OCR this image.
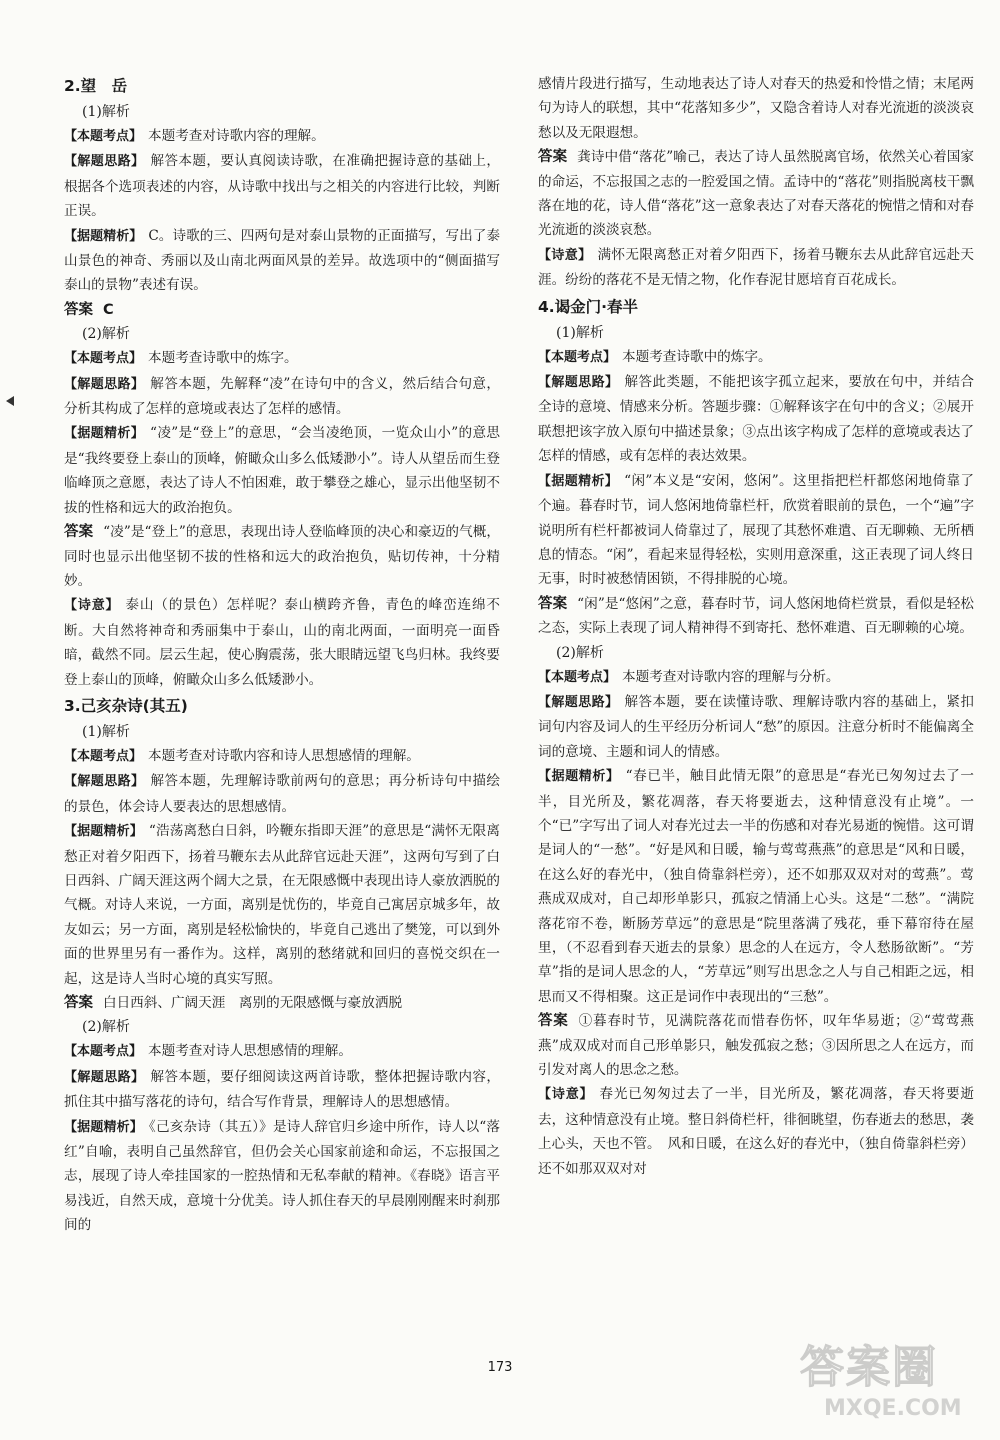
2.望　岳
(1)解析

【本题考点】 本题考查对诗歌内容的理解。

【解题思路】 解答本题，要认真阅读诗歌，在准确把握诗意的基础上，根据各个选项表述的内容，从诗歌中找出与之相关的内容进行比较，判断正误。

【据题精析】 C。诗歌的三、四两句是对泰山景物的正面描写，写出了泰山景色的神奇、秀丽以及山南北两面风景的差异。故选项中的“侧面描写泰山的景物”表述有误。

答案 C

(2)解析

【本题考点】 本题考查诗歌中的炼字。

【解题思路】 解答本题，先解释“凌”在诗句中的含义，然后结合句意，分析其构成了怎样的意境或表达了怎样的感情。

【据题精析】 “凌”是“登上”的意思，“会当凌绝顶，一览众山小”的意思是“我终要登上泰山的顶峰，俯瞰众山多么低矮渺小”。诗人从望岳而生登临峰顶之意愿，表达了诗人不怕困难，敢于攀登之雄心，显示出他坚韧不拔的性格和远大的政治抱负。

答案 “凌”是“登上”的意思，表现出诗人登临峰顶的决心和豪迈的气概，同时也显示出他坚韧不拔的性格和远大的政治抱负，贴切传神，十分精妙。

【诗意】 泰山（的景色）怎样呢？泰山横跨齐鲁，青色的峰峦连绵不断。大自然将神奇和秀丽集中于泰山，山的南北两面，一面明亮一面昏暗，截然不同。层云生起，使心胸震荡，张大眼睛远望飞鸟归林。我终要登上泰山的顶峰，俯瞰众山多么低矮渺小。

3.己亥杂诗(其五)
(1)解析

【本题考点】 本题考查对诗歌内容和诗人思想感情的理解。

【解题思路】 解答本题，先理解诗歌前两句的意思；再分析诗句中描绘的景色，体会诗人要表达的思想感情。

【据题精析】 “浩荡离愁白日斜，吟鞭东指即天涯”的意思是“满怀无限离愁正对着夕阳西下，扬着马鞭东去从此辞官远赴天涯”，这两句写到了白日西斜、广阔天涯这两个阔大之景，在无限感慨中表现出诗人豪放洒脱的气概。对诗人来说，一方面，离别是忧伤的，毕竟自己寓居京城多年，故友如云；另一方面，离别是轻松愉快的，毕竟自己逃出了樊笼，可以到外面的世界里另有一番作为。这样，离别的愁绪就和回归的喜悦交织在一起，这是诗人当时心境的真实写照。

答案 白日西斜、广阔天涯　离别的无限感慨与豪放洒脱

(2)解析

【本题考点】 本题考查对诗人思想感情的理解。

【解题思路】 解答本题，要仔细阅读这两首诗歌，整体把握诗歌内容，抓住其中描写落花的诗句，结合写作背景，理解诗人的思想感情。

【据题精析】 《己亥杂诗（其五）》是诗人辞官归乡途中所作，诗人以“落红”自喻，表明自己虽然辞官，但仍会关心国家前途和命运，不忘报国之志，展现了诗人牵挂国家的一腔热情和无私奉献的精神。《春晓》语言平易浅近，自然天成，意境十分优美。诗人抓住春天的早晨刚刚醒来时刹那间的

感情片段进行描写，生动地表达了诗人对春天的热爱和怜惜之情；末尾两句为诗人的联想，其中“花落知多少”，又隐含着诗人对春光流逝的淡淡哀愁以及无限遐想。

答案 龚诗中借“落花”喻己，表达了诗人虽然脱离官场，依然关心着国家的命运，不忘报国之志的一腔爱国之情。孟诗中的“落花”则指脱离枝干飘落在地的花，诗人借“落花”这一意象表达了对春天落花的惋惜之情和对春光流逝的淡淡哀愁。

【诗意】 满怀无限离愁正对着夕阳西下，扬着马鞭东去从此辞官远赴天涯。纷纷的落花不是无情之物，化作春泥甘愿培育百花成长。

4.谒金门·春半
(1)解析

【本题考点】 本题考查诗歌中的炼字。

【解题思路】 解答此类题，不能把该字孤立起来，要放在句中，并结合全诗的意境、情感来分析。答题步骤：①解释该字在句中的含义；②展开联想把该字放入原句中描述景象；③点出该字构成了怎样的意境或表达了怎样的情感，或有怎样的表达效果。

【据题精析】 “闲”本义是“安闲，悠闲”。这里指把栏杆都悠闲地倚靠了个遍。暮春时节，词人悠闲地倚靠栏杆，欣赏着眼前的景色，一个“遍”字说明所有栏杆都被词人倚靠过了，展现了其愁怀难遣、百无聊赖、无所栖息的情态。“闲”，看起来显得轻松，实则用意深重，这正表现了词人终日无事，时时被愁情困锁，不得排脱的心境。

答案 “闲”是“悠闲”之意，暮春时节，词人悠闲地倚栏赏景，看似是轻松之态，实际上表现了词人精神得不到寄托、愁怀难遣、百无聊赖的心境。

(2)解析

【本题考点】 本题考查对诗歌内容的理解与分析。

【解题思路】 解答本题，要在读懂诗歌、理解诗歌内容的基础上，紧扣词句内容及词人的生平经历分析词人“愁”的原因。注意分析时不能偏离全词的意境、主题和词人的情感。

【据题精析】 “春已半，触目此情无限”的意思是“春光已匆匆过去了一半，目光所及，繁花凋落，春天将要逝去，这种情意没有止境”。一个“已”字写出了词人对春光过去一半的伤感和对春光易逝的惋惜。这可谓是词人的“一愁”。“好是风和日暖，输与莺莺燕燕”的意思是“风和日暖，在这么好的春光中，（独自倚靠斜栏旁），还不如那双双对对的莺燕”。莺燕成双成对，自己却形单影只，孤寂之情涌上心头。这是“二愁”。“满院落花帘不卷，断肠芳草远”的意思是“院里落满了残花，垂下幕帘待在屋里，（不忍看到春天逝去的景象）思念的人在远方，令人愁肠欲断”。“芳草”指的是词人思念的人，“芳草远”则写出思念之人与自己相距之远，相思而又不得相聚。这正是词作中表现出的“三愁”。

答案 ①暮春时节，见满院落花而惜春伤怀，叹年华易逝；②“莺莺燕燕”成双成对而自己形单影只，触发孤寂之愁；③因所思之人在远方，而引发对离人的思念之愁。

【诗意】 春光已匆匆过去了一半，目光所及，繁花凋落，春天将要逝去，这种情意没有止境。整日斜倚栏杆，徘徊眺望，伤春逝去的愁思，袭上心头，天也不管。　风和日暖，在这么好的春光中，（独自倚靠斜栏旁）还不如那双双对对

173	答案圈
MXQE.COM
